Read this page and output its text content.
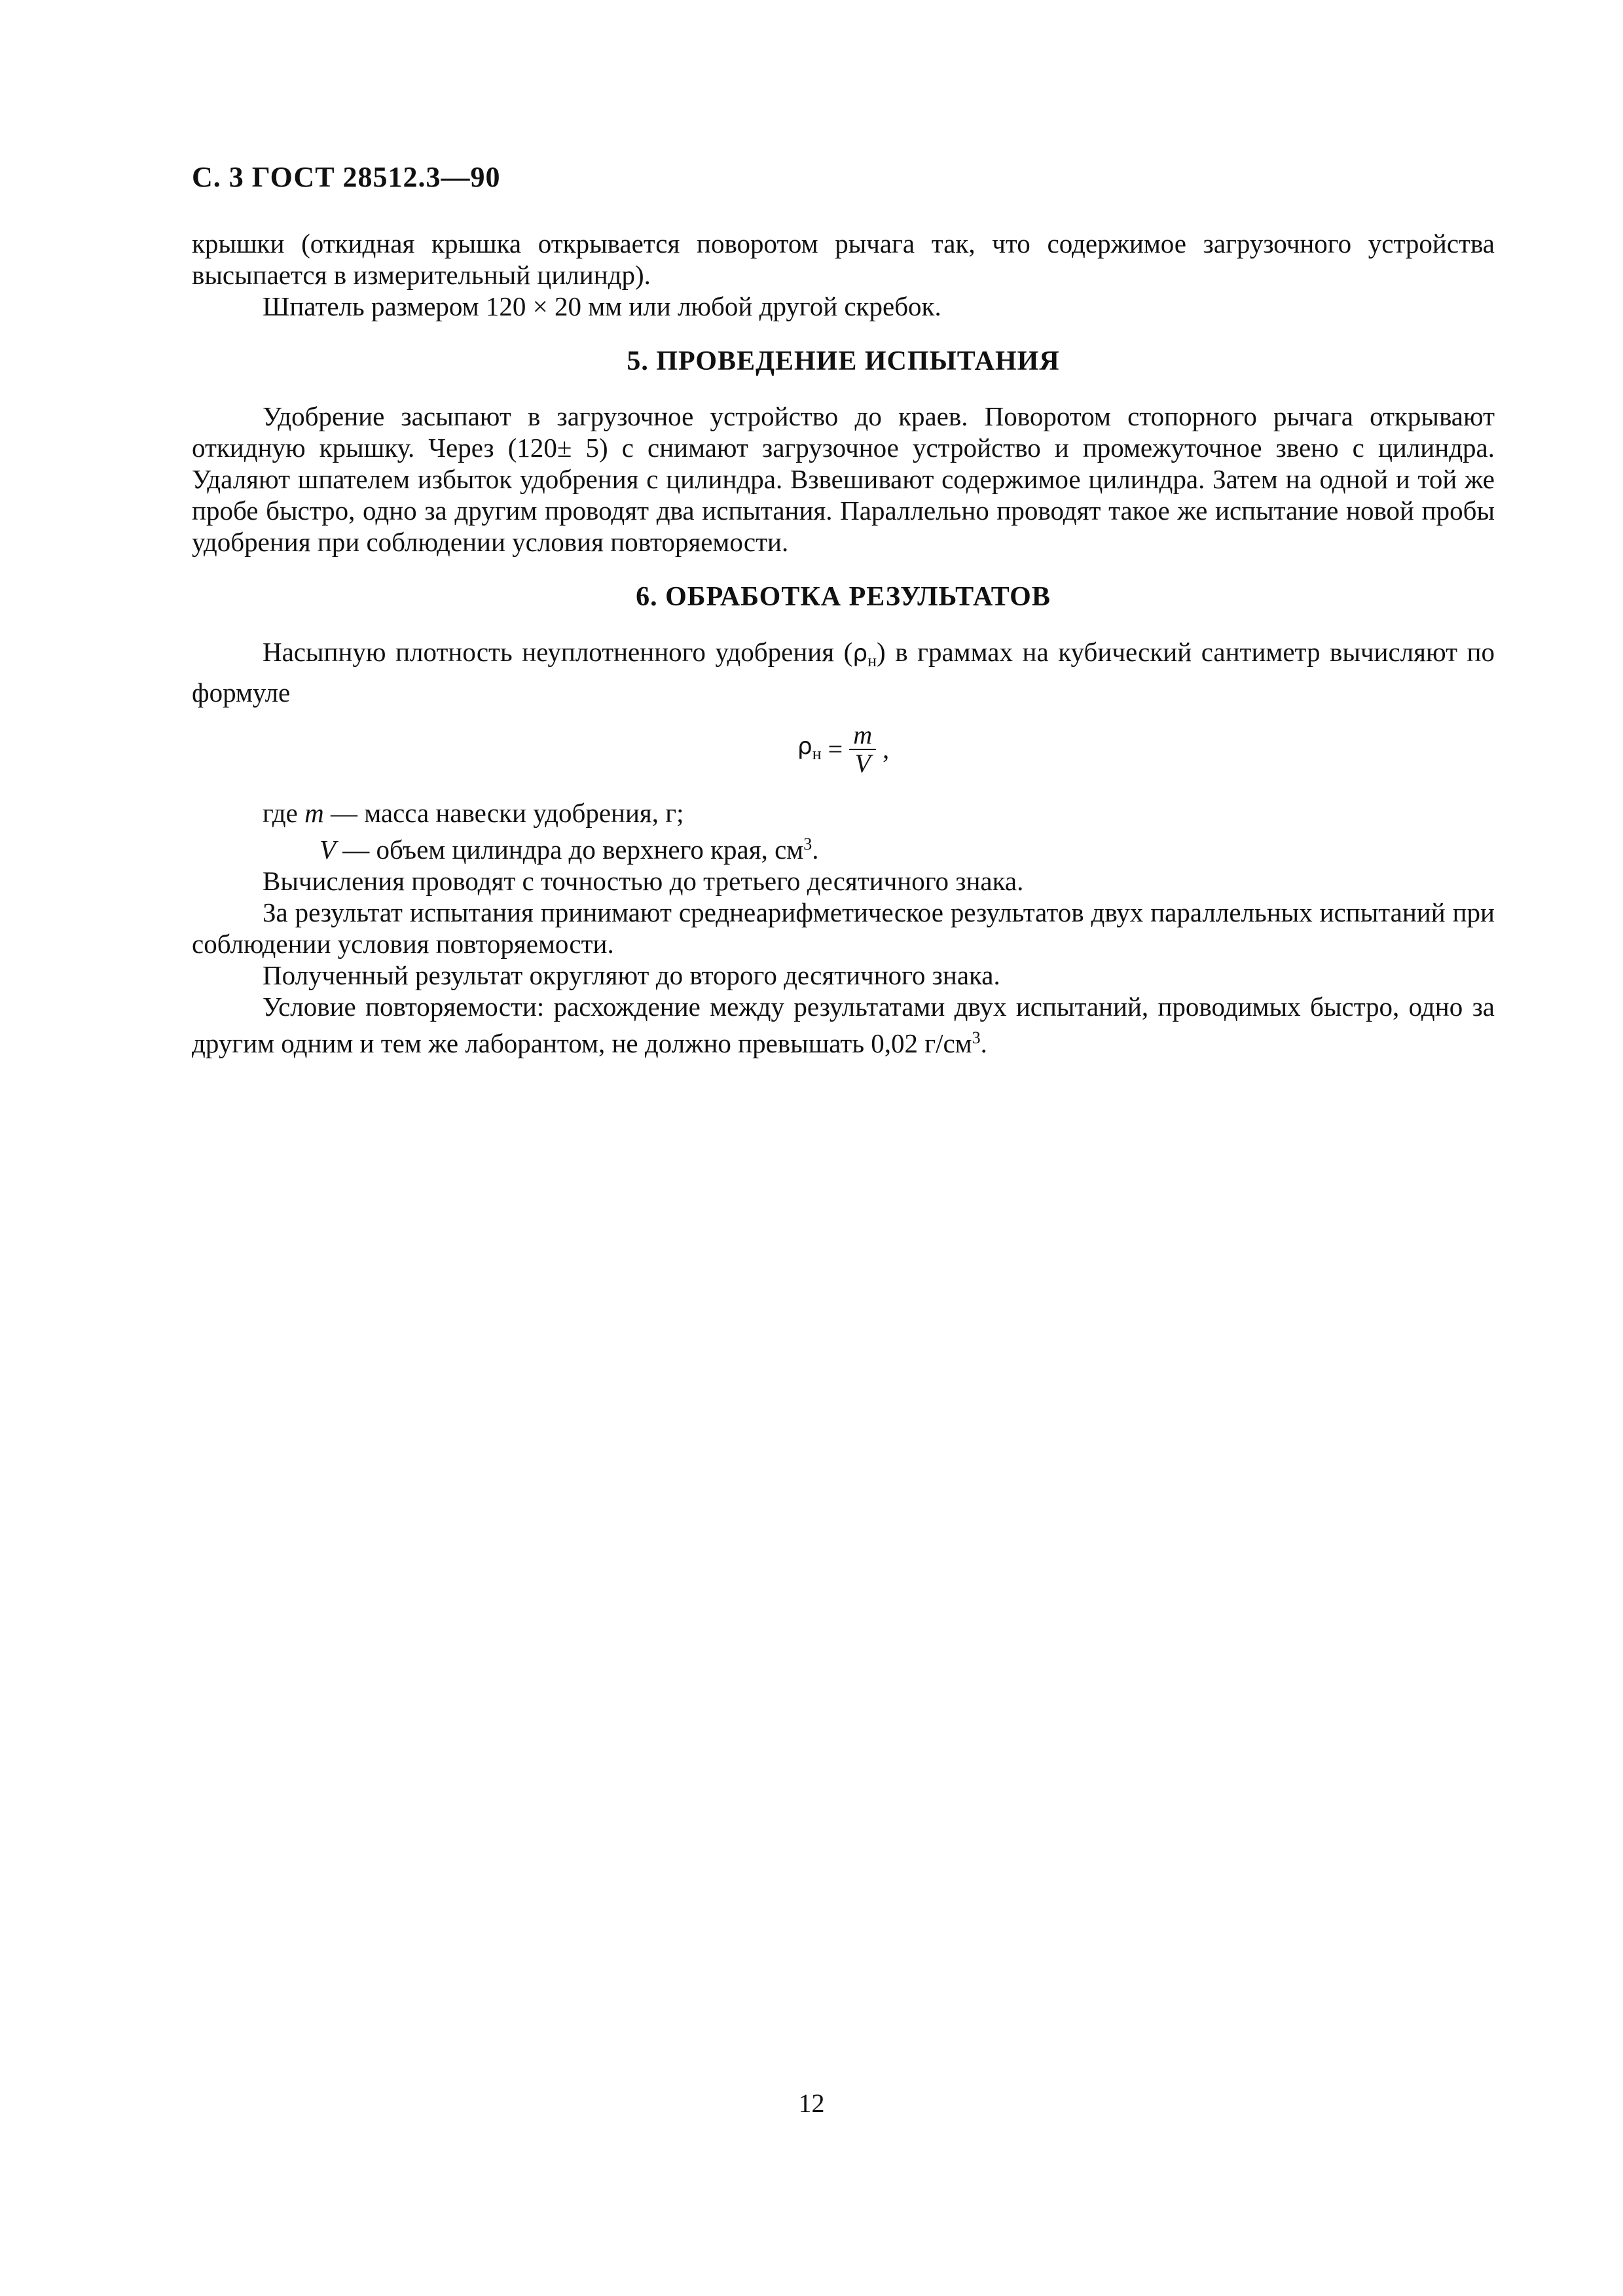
С. 3 ГОСТ 28512.3—90

крышки (откидная крышка открывается поворотом рычага так, что содержимое загрузочного устройства высыпается в измерительный цилиндр).

Шпатель размером 120 × 20 мм или любой другой скребок.

5. ПРОВЕДЕНИЕ ИСПЫТАНИЯ

Удобрение засыпают в загрузочное устройство до краев. Поворотом стопорного рычага открывают откидную крышку. Через (120± 5) с снимают загрузочное устройство и промежуточное звено с цилиндра. Удаляют шпателем избыток удобрения с цилиндра. Взвешивают содержимое цилиндра. Затем на одной и той же пробе быстро, одно за другим проводят два испытания. Параллельно проводят такое же испытание новой пробы удобрения при соблюдении условия повторяемости.

6. ОБРАБОТКА РЕЗУЛЬТАТОВ

Насыпную плотность неуплотненного удобрения $(\rho_н)$ в граммах на кубический сантиметр вычисляют по формуле

$\rho_н = \frac{m}{V}$ ,

где m — масса навески удобрения, г;

V — объем цилиндра до верхнего края, $см^3$.

Вычисления проводят с точностью до третьего десятичного знака.

За результат испытания принимают среднеарифметическое результатов двух параллельных испытаний при соблюдении условия повторяемости.

Полученный результат округляют до второго десятичного знака.

Условие повторяемости: расхождение между результатами двух испытаний, проводимых быстро, одно за другим одним и тем же лаборантом, не должно превышать 0,02 $г/см^3$.

12
